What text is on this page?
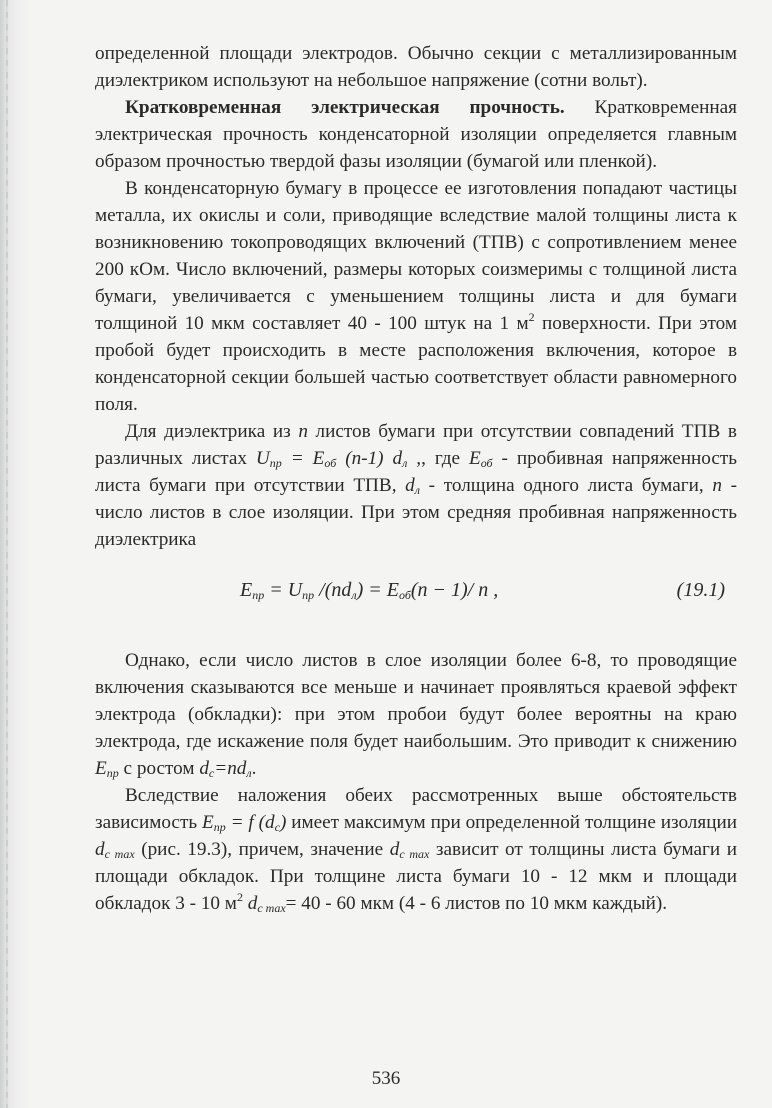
определенной площади электродов. Обычно секции с металлизированным диэлектриком используют на небольшое напряжение (сотни вольт).

Кратковременная электрическая прочность. Кратковременная электрическая прочность конденсаторной изоляции определяется главным образом прочностью твердой фазы изоляции (бумагой или пленкой).

В конденсаторную бумагу в процессе ее изготовления попадают частицы металла, их окислы и соли, приводящие вследствие малой толщины листа к возникновению токопроводящих включений (ТПВ) с сопротивлением менее 200 кОм. Число включений, размеры которых соизмеримы с толщиной листа бумаги, увеличивается с уменьшением толщины листа и для бумаги толщиной 10 мкм составляет 40 - 100 штук на 1 $м^2$ поверхности. При этом пробой будет происходить в месте расположения включения, которое в конденсаторной секции большей частью соответствует области равномерного поля.

Для диэлектрика из n листов бумаги при отсутствии совпадений ТПВ в различных листах $U_{пр} = E_{об}$ (n-1) $d_л$ ,, где $E_{об}$ - пробивная напряженность листа бумаги при отсутствии ТПВ, $d_л$ - толщина одного листа бумаги, n - число листов в слое изоляции. При этом средняя пробивная напряженность диэлектрика

$E_{пр} = U_{пр}$ $/(nd_л) = E_{об}(n - 1)/$ n ,	(19.1)

Однако, если число листов в слое изоляции более 6-8, то проводящие включения сказываются все меньше и начинает проявляться краевой эффект электрода (обкладки): при этом пробои будут более вероятны на краю электрода, где искажение поля будет наибольшим. Это приводит к снижению $E_{пр}$ с ростом $d_c=nd_л$.

Вследствие наложения обеих рассмотренных выше обстоятельств зависимость $E_{пр} = f$ $(d_c)$ имеет максимум при определенной толщине изоляции $d_{c max}$ (рис. 19.3), причем, значение $d_{c max}$ зависит от толщины листа бумаги и площади обкладок. При толщине листа бумаги 10 - 12 мкм и площади обкладок 3 - 10 $м^2$ $d_{c max}= 40 - 60$ мкм (4 - 6 листов по 10 мкм каждый).

536
